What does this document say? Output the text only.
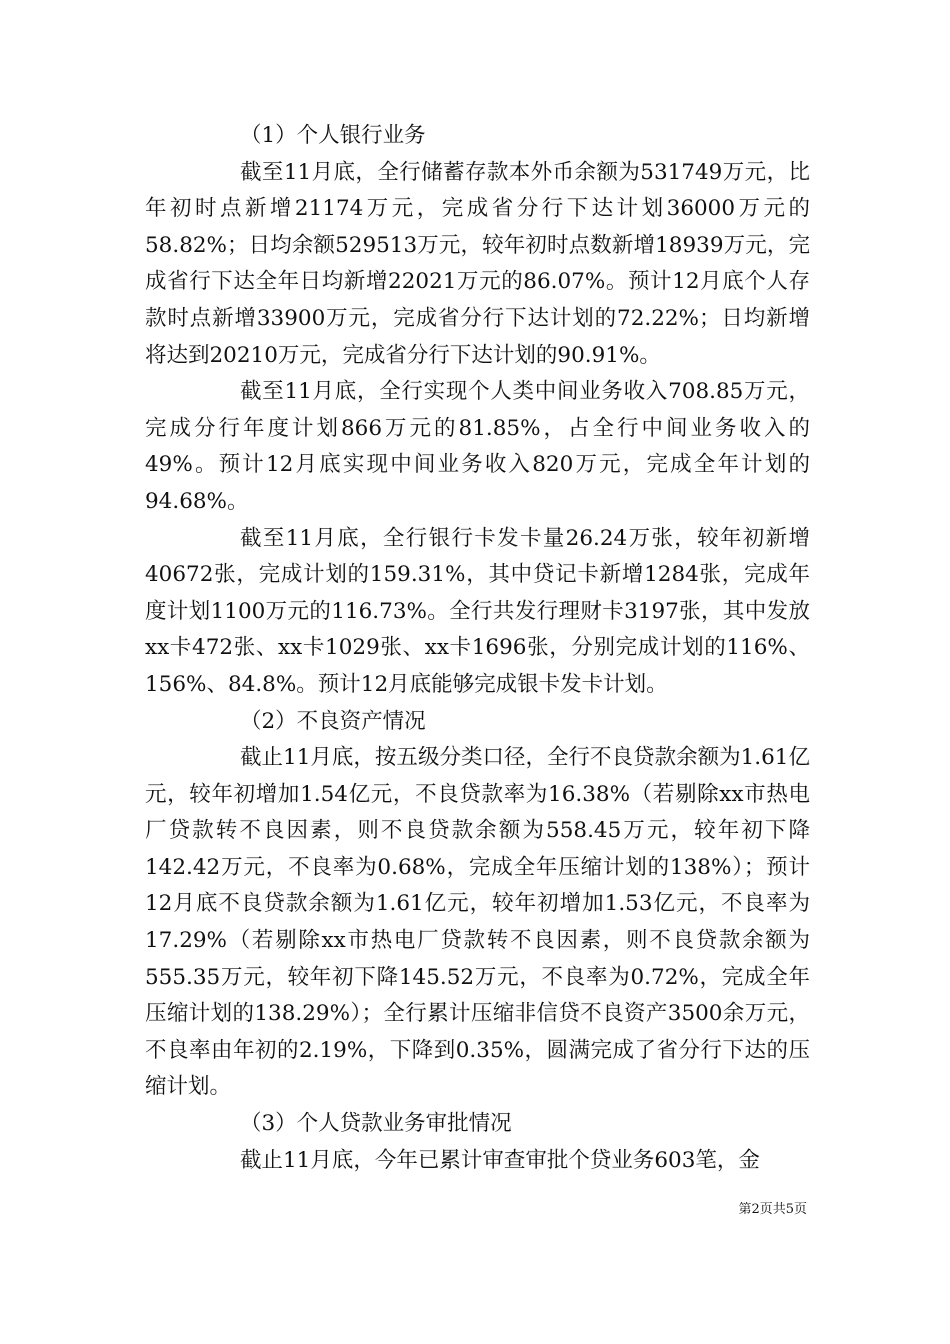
（1）个人银行业务

截至11月底，全行储蓄存款本外币余额为531749万元，比年初时点新增21174万元，完成省分行下达计划36000万元的58.82%；日均余额529513万元，较年初时点数新增18939万元，完成省行下达全年日均新增22021万元的86.07%。预计12月底个人存款时点新增33900万元，完成省分行下达计划的72.22%；日均新增将达到20210万元，完成省分行下达计划的90.91%。

截至11月底，全行实现个人类中间业务收入708.85万元，完成分行年度计划866万元的81.85%，占全行中间业务收入的49%。预计12月底实现中间业务收入820万元，完成全年计划的94.68%。

截至11月底，全行银行卡发卡量26.24万张，较年初新增40672张，完成计划的159.31%，其中贷记卡新增1284张，完成年度计划1100万元的116.73%。全行共发行理财卡3197张，其中发放xx卡472张、xx卡1029张、xx卡1696张，分别完成计划的116%、156%、84.8%。预计12月底能够完成银卡发卡计划。

（2）不良资产情况

截止11月底，按五级分类口径，全行不良贷款余额为1.61亿元，较年初增加1.54亿元，不良贷款率为16.38%（若剔除xx市热电厂贷款转不良因素，则不良贷款余额为558.45万元，较年初下降142.42万元，不良率为0.68%，完成全年压缩计划的138%）；预计12月底不良贷款余额为1.61亿元，较年初增加1.53亿元，不良率为17.29%（若剔除xx市热电厂贷款转不良因素，则不良贷款余额为555.35万元，较年初下降145.52万元，不良率为0.72%，完成全年压缩计划的138.29%）；全行累计压缩非信贷不良资产3500余万元，不良率由年初的2.19%，下降到0.35%，圆满完成了省分行下达的压缩计划。

（3）个人贷款业务审批情况

截止11月底，今年已累计审查审批个贷业务603笔，金

第2页共5页
